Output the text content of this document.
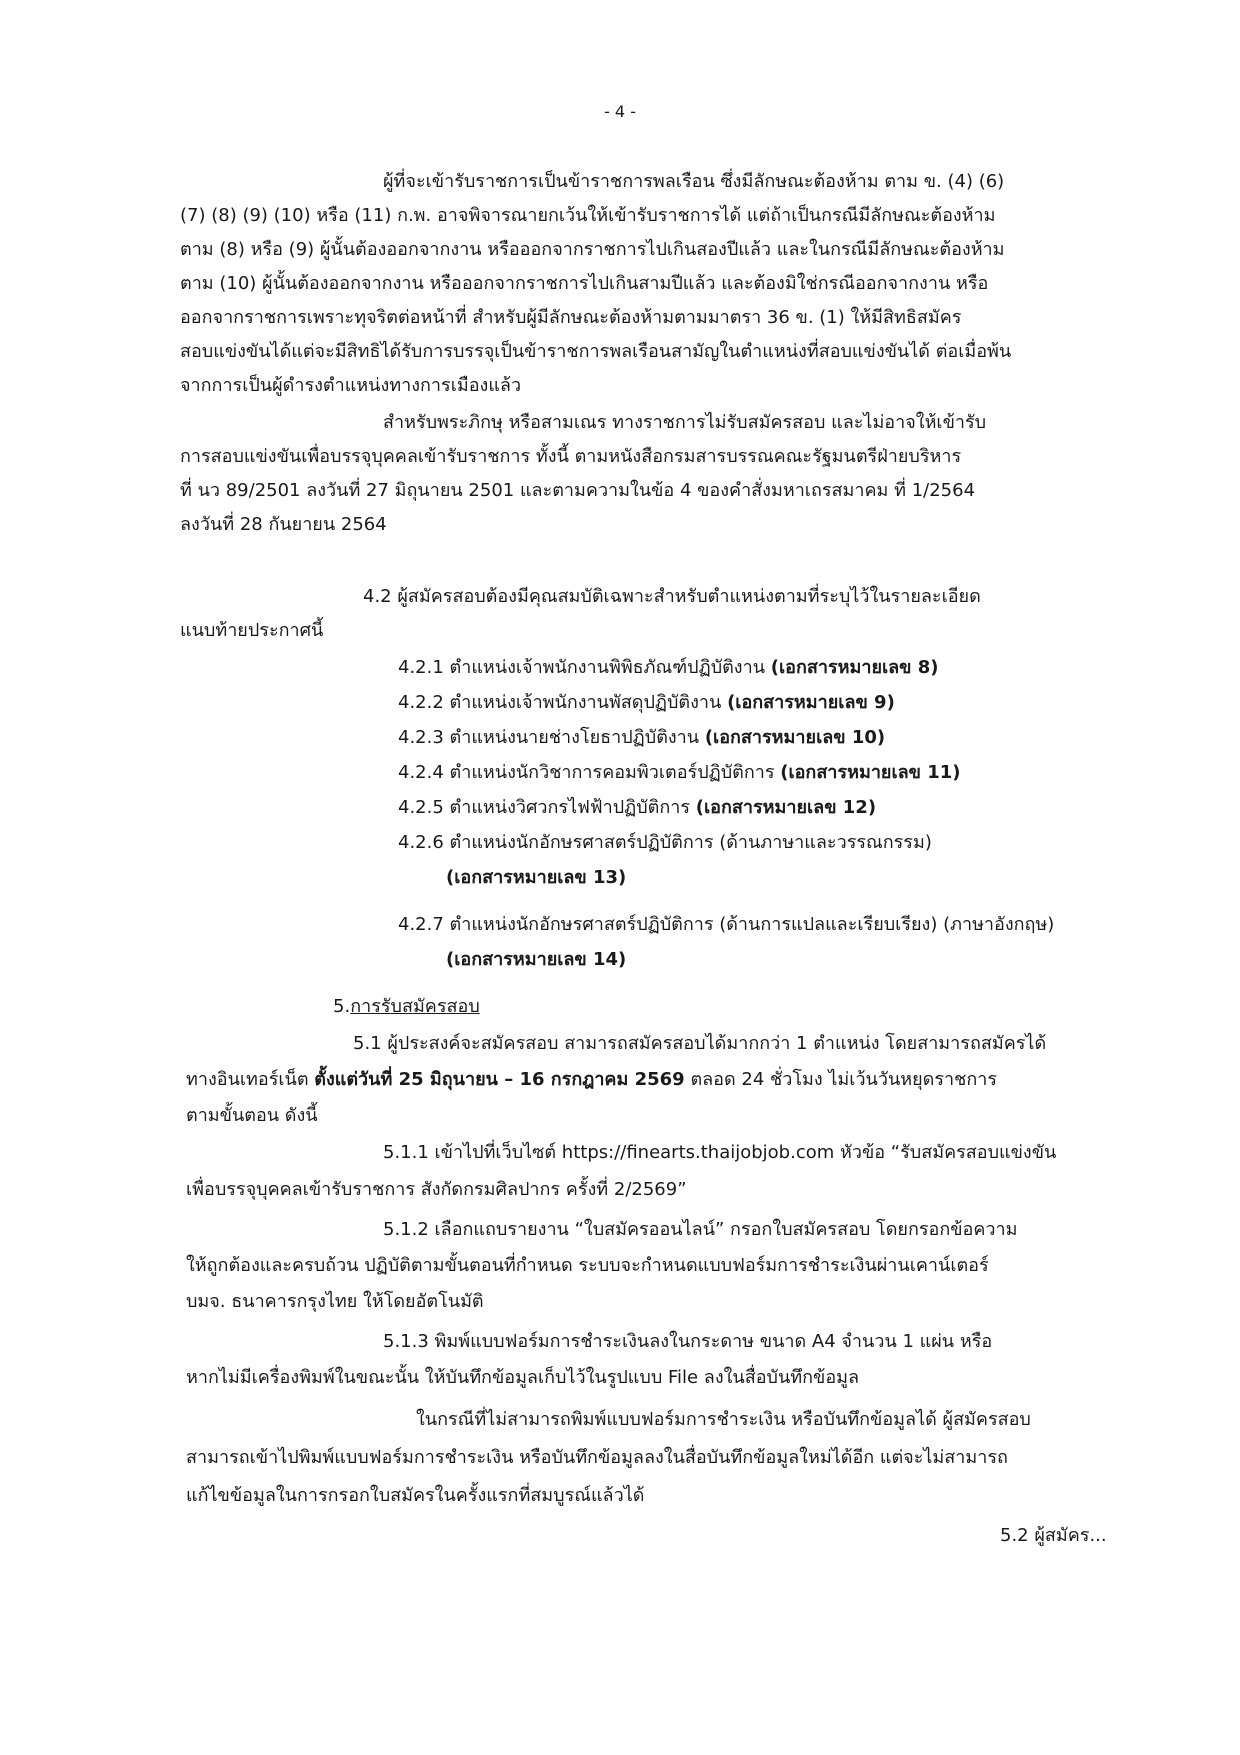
- 4 -
ผู้ที่จะเข้ารับราชการเป็นข้าราชการพลเรือน ซึ่งมีลักษณะต้องห้าม ตาม ข. (4) (6)
(7) (8) (9) (10) หรือ (11) ก.พ. อาจพิจารณายกเว้นให้เข้ารับราชการได้ แต่ถ้าเป็นกรณีมีลักษณะต้องห้าม
ตาม (8) หรือ (9) ผู้นั้นต้องออกจากงาน หรือออกจากราชการไปเกินสองปีแล้ว และในกรณีมีลักษณะต้องห้าม
ตาม (10) ผู้นั้นต้องออกจากงาน หรือออกจากราชการไปเกินสามปีแล้ว และต้องมิใช่กรณีออกจากงาน หรือ
ออกจากราชการเพราะทุจริตต่อหน้าที่ สำหรับผู้มีลักษณะต้องห้ามตามมาตรา 36 ข. (1) ให้มีสิทธิสมัคร
สอบแข่งขันได้แต่จะมีสิทธิได้รับการบรรจุเป็นข้าราชการพลเรือนสามัญในตำแหน่งที่สอบแข่งขันได้ ต่อเมื่อพ้น
จากการเป็นผู้ดำรงตำแหน่งทางการเมืองแล้ว
สำหรับพระภิกษุ หรือสามเณร ทางราชการไม่รับสมัครสอบ และไม่อาจให้เข้ารับ
การสอบแข่งขันเพื่อบรรจุบุคคลเข้ารับราชการ ทั้งนี้ ตามหนังสือกรมสารบรรณคณะรัฐมนตรีฝ่ายบริหาร
ที่ นว 89/2501 ลงวันที่ 27 มิถุนายน 2501 และตามความในข้อ 4 ของคำสั่งมหาเถรสมาคม ที่ 1/2564
ลงวันที่ 28 กันยายน 2564
4.2 ผู้สมัครสอบต้องมีคุณสมบัติเฉพาะสำหรับตำแหน่งตามที่ระบุไว้ในรายละเอียด
แนบท้ายประกาศนี้
4.2.1 ตำแหน่งเจ้าพนักงานพิพิธภัณฑ์ปฏิบัติงาน (เอกสารหมายเลข 8)
4.2.2 ตำแหน่งเจ้าพนักงานพัสดุปฏิบัติงาน (เอกสารหมายเลข 9)
4.2.3 ตำแหน่งนายช่างโยธาปฏิบัติงาน (เอกสารหมายเลข 10)
4.2.4 ตำแหน่งนักวิชาการคอมพิวเตอร์ปฏิบัติการ (เอกสารหมายเลข 11)
4.2.5 ตำแหน่งวิศวกรไฟฟ้าปฏิบัติการ (เอกสารหมายเลข 12)
4.2.6 ตำแหน่งนักอักษรศาสตร์ปฏิบัติการ (ด้านภาษาและวรรณกรรม)
(เอกสารหมายเลข 13)
4.2.7 ตำแหน่งนักอักษรศาสตร์ปฏิบัติการ (ด้านการแปลและเรียบเรียง) (ภาษาอังกฤษ)
(เอกสารหมายเลข 14)
5.การรับสมัครสอบ
5.1 ผู้ประสงค์จะสมัครสอบ สามารถสมัครสอบได้มากกว่า 1 ตำแหน่ง โดยสามารถสมัครได้
ทางอินเทอร์เน็ต ตั้งแต่วันที่ 25 มิถุนายน – 16 กรกฎาคม 2569 ตลอด 24 ชั่วโมง ไม่เว้นวันหยุดราชการ
ตามขั้นตอน ดังนี้
5.1.1 เข้าไปที่เว็บไซต์ https://finearts.thaijobjob.com หัวข้อ “รับสมัครสอบแข่งขัน
เพื่อบรรจุบุคคลเข้ารับราชการ สังกัดกรมศิลปากร ครั้งที่ 2/2569”
5.1.2 เลือกแถบรายงาน “ใบสมัครออนไลน์” กรอกใบสมัครสอบ โดยกรอกข้อความ
ให้ถูกต้องและครบถ้วน ปฏิบัติตามขั้นตอนที่กำหนด ระบบจะกำหนดแบบฟอร์มการชำระเงินผ่านเคาน์เตอร์
บมจ. ธนาคารกรุงไทย ให้โดยอัตโนมัติ
5.1.3 พิมพ์แบบฟอร์มการชำระเงินลงในกระดาษ ขนาด A4 จำนวน 1 แผ่น หรือ
หากไม่มีเครื่องพิมพ์ในขณะนั้น ให้บันทึกข้อมูลเก็บไว้ในรูปแบบ File ลงในสื่อบันทึกข้อมูล
ในกรณีที่ไม่สามารถพิมพ์แบบฟอร์มการชำระเงิน หรือบันทึกข้อมูลได้ ผู้สมัครสอบ
สามารถเข้าไปพิมพ์แบบฟอร์มการชำระเงิน หรือบันทึกข้อมูลลงในสื่อบันทึกข้อมูลใหม่ได้อีก แต่จะไม่สามารถ
แก้ไขข้อมูลในการกรอกใบสมัครในครั้งแรกที่สมบูรณ์แล้วได้
5.2 ผู้สมัคร...
